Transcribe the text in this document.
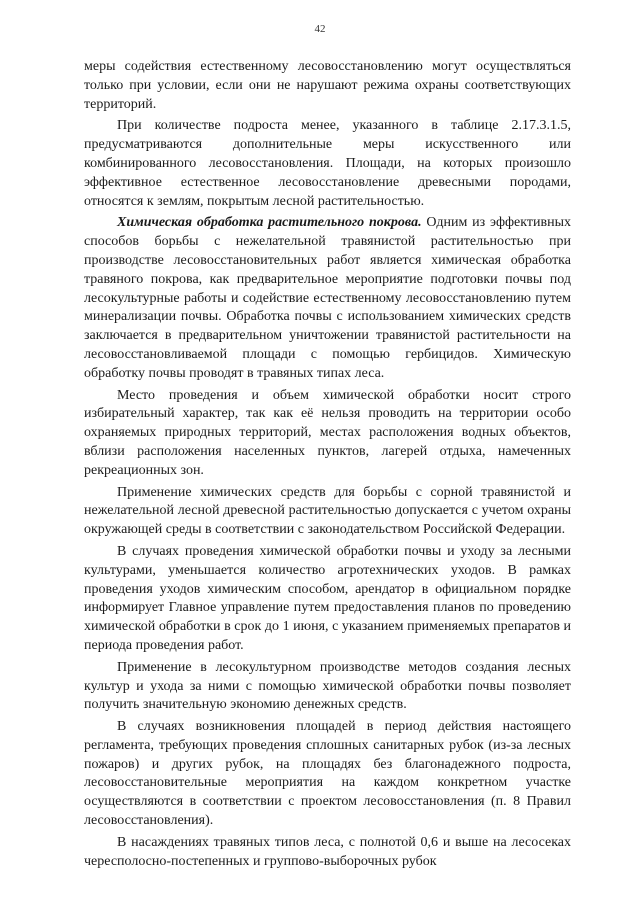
42

меры содействия естественному лесовосстановлению могут осуществляться только при условии, если они не нарушают режима охраны соответствующих территорий.

При количестве подроста менее, указанного в таблице 2.17.3.1.5, предусматриваются дополнительные меры искусственного или комбинированного лесовосстановления. Площади, на которых произошло эффективное естественное лесовосстановление древесными породами, относятся к землям, покрытым лесной растительностью.

Химическая обработка растительного покрова. Одним из эффективных способов борьбы с нежелательной травянистой растительностью при производстве лесовосстановительных работ является химическая обработка травяного покрова, как предварительное мероприятие подготовки почвы под лесокультурные работы и содействие естественному лесовосстановлению путем минерализации почвы. Обработка почвы с использованием химических средств заключается в предварительном уничтожении травянистой растительности на лесовосстановливаемой площади с помощью гербицидов. Химическую обработку почвы проводят в травяных типах леса.

Место проведения и объем химической обработки носит строго избирательный характер, так как её нельзя проводить на территории особо охраняемых природных территорий, местах расположения водных объектов, вблизи расположения населенных пунктов, лагерей отдыха, намеченных рекреационных зон.

Применение химических средств для борьбы с сорной травянистой и нежелательной лесной древесной растительностью допускается с учетом охраны окружающей среды в соответствии с законодательством Российской Федерации.

В случаях проведения химической обработки почвы и уходу за лесными культурами, уменьшается количество агротехнических уходов. В рамках проведения уходов химическим способом, арендатор в официальном порядке информирует Главное управление путем предоставления планов по проведению химической обработки в срок до 1 июня, с указанием применяемых препаратов и периода проведения работ.

Применение в лесокультурном производстве методов создания лесных культур и ухода за ними с помощью химической обработки почвы позволяет получить значительную экономию денежных средств.

В случаях возникновения площадей в период действия настоящего регламента, требующих проведения сплошных санитарных рубок (из-за лесных пожаров) и других рубок, на площадях без благонадежного подроста, лесовосстановительные мероприятия на каждом конкретном участке осуществляются в соответствии с проектом лесовосстановления (п. 8 Правил лесовосстановления).

В насаждениях травяных типов леса, с полнотой 0,6 и выше на лесосеках чересполосно-постепенных и группово-выборочных рубок
